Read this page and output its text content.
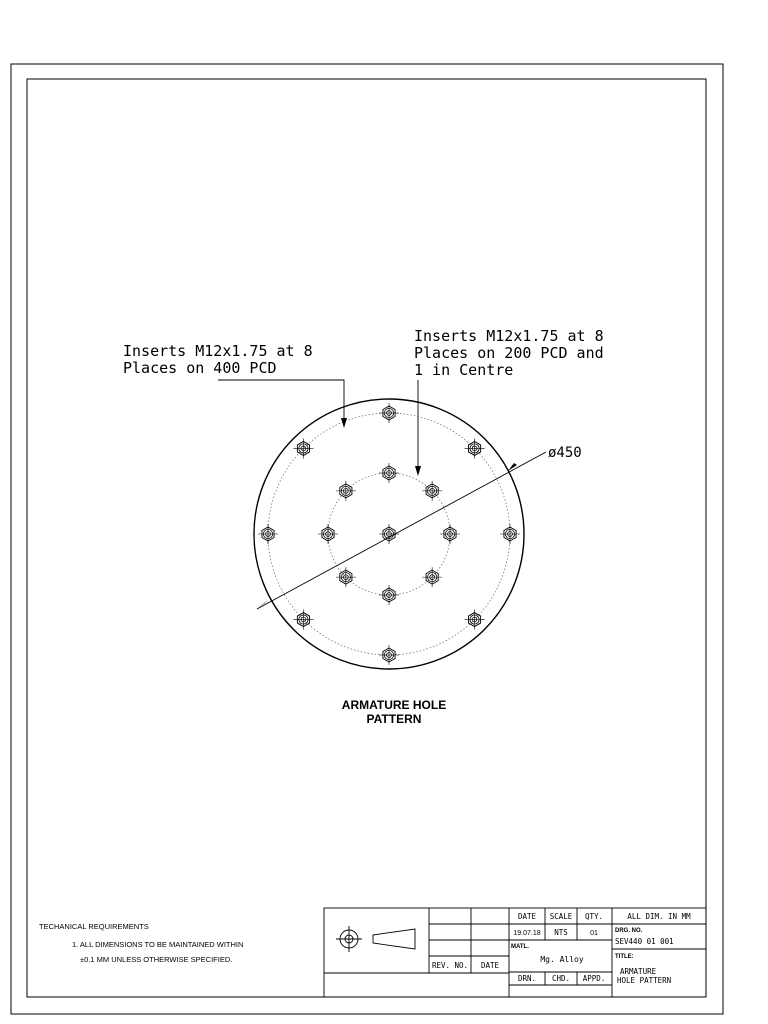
ø450
Inserts M12x1.75 at 8
Places on 400 PCD
Inserts M12x1.75 at 8
Places on 200 PCD and
1 in Centre
ARMATURE HOLE
PATTERN
TECHANICAL REQUIREMENTS
1. ALL DIMENSIONS TO BE MAINTAINED WITHIN
±0.1 MM UNLESS OTHERWISE SPECIFIED.
REV. NO. DATE
DATE SCALE QTY.
19.07.18 NTS	01
MATL.
Mg. Alloy
DRN. CHD. APPD.
ALL DIM. IN MM
DRG. NO.
SEV440 01 001
TITLE:
ARMATURE
HOLE PATTERN
